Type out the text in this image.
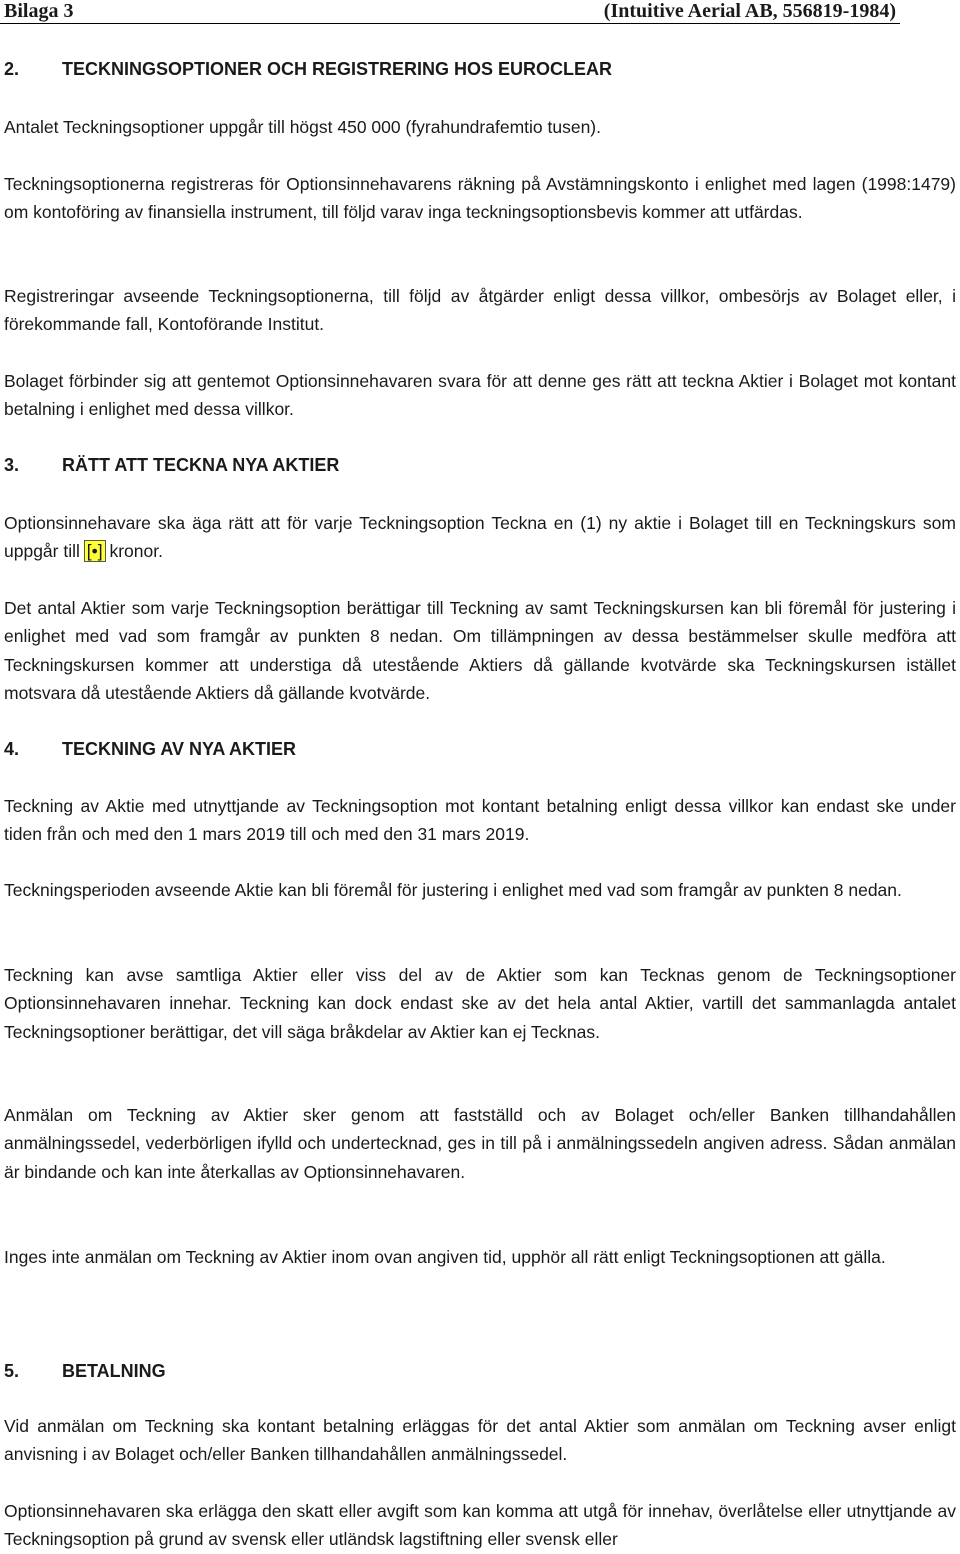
Bilaga 3	(Intuitive Aerial AB, 556819-1984)
2. TECKNINGSOPTIONER OCH REGISTRERING HOS EUROCLEAR

Antalet Teckningsoptioner uppgår till högst 450 000 (fyrahundrafemtio tusen).

Teckningsoptionerna registreras för Optionsinnehavarens räkning på Avstämningskonto i enlighet med lagen (1998:1479) om kontoföring av finansiella instrument, till följd varav inga teckningsoptionsbevis kommer att utfärdas.

Registreringar avseende Teckningsoptionerna, till följd av åtgärder enligt dessa villkor, ombesörjs av Bolaget eller, i förekommande fall, Kontoförande Institut.

Bolaget förbinder sig att gentemot Optionsinnehavaren svara för att denne ges rätt att teckna Aktier i Bolaget mot kontant betalning i enlighet med dessa villkor.

3. RÄTT ATT TECKNA NYA AKTIER

Optionsinnehavare ska äga rätt att för varje Teckningsoption Teckna en (1) ny aktie i Bolaget till en Teckningskurs som uppgår till [•] kronor.

Det antal Aktier som varje Teckningsoption berättigar till Teckning av samt Teckningskursen kan bli föremål för justering i enlighet med vad som framgår av punkten 8 nedan. Om tillämpningen av dessa bestämmelser skulle medföra att Teckningskursen kommer att understiga då utestående Aktiers då gällande kvotvärde ska Teckningskursen istället motsvara då utestående Aktiers då gällande kvotvärde.

4. TECKNING AV NYA AKTIER

Teckning av Aktie med utnyttjande av Teckningsoption mot kontant betalning enligt dessa villkor kan endast ske under tiden från och med den 1 mars 2019 till och med den 31 mars 2019.

Teckningsperioden avseende Aktie kan bli föremål för justering i enlighet med vad som framgår av punkten 8 nedan.

Teckning kan avse samtliga Aktier eller viss del av de Aktier som kan Tecknas genom de Teckningsoptioner Optionsinnehavaren innehar. Teckning kan dock endast ske av det hela antal Aktier, vartill det sammanlagda antalet Teckningsoptioner berättigar, det vill säga bråkdelar av Aktier kan ej Tecknas.

Anmälan om Teckning av Aktier sker genom att fastställd och av Bolaget och/eller Banken tillhandahållen anmälningssedel, vederbörligen ifylld och undertecknad, ges in till på i anmälningssedeln angiven adress. Sådan anmälan är bindande och kan inte återkallas av Optionsinnehavaren.

Inges inte anmälan om Teckning av Aktier inom ovan angiven tid, upphör all rätt enligt Teckningsoptionen att gälla.

5. BETALNING

Vid anmälan om Teckning ska kontant betalning erläggas för det antal Aktier som anmälan om Teckning avser enligt anvisning i av Bolaget och/eller Banken tillhandahållen anmälningssedel.

Optionsinnehavaren ska erlägga den skatt eller avgift som kan komma att utgå för innehav, överlåtelse eller utnyttjande av Teckningsoption på grund av svensk eller utländsk lagstiftning eller svensk eller
